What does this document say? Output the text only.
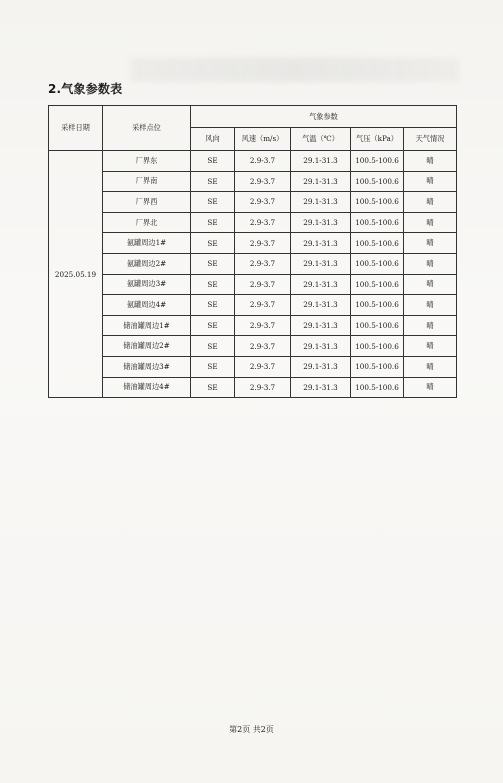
2.气象参数表
采样日期	采样点位	气象参数				
		风向	风速（m/s）	气温（℃）	气压（kPa）	天气情况
2025.05.19	厂界东	SE	2.9-3.7	29.1-31.3	100.5-100.6	晴
	厂界南	SE	2.9-3.7	29.1-31.3	100.5-100.6	晴
	厂界西	SE	2.9-3.7	29.1-31.3	100.5-100.6	晴
	厂界北	SE	2.9-3.7	29.1-31.3	100.5-100.6	晴
	氨罐周边1#	SE	2.9-3.7	29.1-31.3	100.5-100.6	晴
	氨罐周边2#	SE	2.9-3.7	29.1-31.3	100.5-100.6	晴
	氨罐周边3#	SE	2.9-3.7	29.1-31.3	100.5-100.6	晴
	氨罐周边4#	SE	2.9-3.7	29.1-31.3	100.5-100.6	晴
	储油罐周边1#	SE	2.9-3.7	29.1-31.3	100.5-100.6	晴
	储油罐周边2#	SE	2.9-3.7	29.1-31.3	100.5-100.6	晴
	储油罐周边3#	SE	2.9-3.7	29.1-31.3	100.5-100.6	晴
	储油罐周边4#	SE	2.9-3.7	29.1-31.3	100.5-100.6	晴
第2页 共2页
